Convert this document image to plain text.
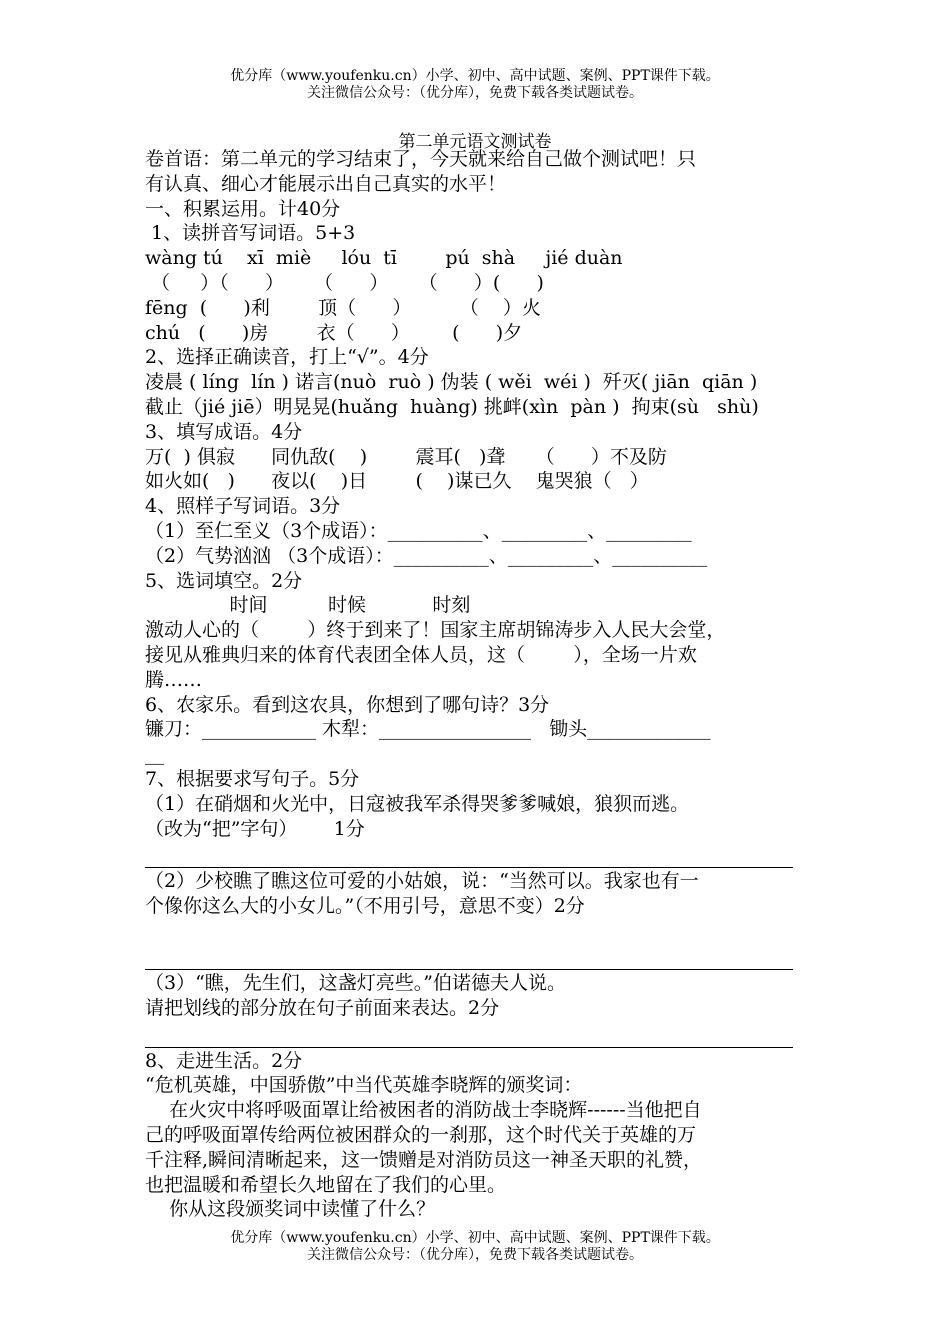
优分库（www.youfenku.cn）小学、初中、高中试题、案例、PPT课件下载。
关注微信公众号：（优分库），免费下载各类试题试卷。
第二单元语文测试卷
卷首语：第二单元的学习结束了，今天就来给自己做个测试吧！只
有认真、细心才能展示出自己真实的水平！
一、积累运用。计40分
1、读拼音写词语。5+3
wàng tú    xī  miè     lóu  tī        pú  shà     jié duàn
（     ）（      ）     （      ）     （      ）(      )
fēng  (      )利        顶（      ）        （    ）火
chú   (      )房        衣（      ）       (      )夕
2、选择正确读音，打上“√”。4分
凌晨 ( líng  lín ) 诺言(nuò  ruò ) 伪装 ( wěi  wéi )  歼灭( jiān  qiān )
截止（jié jiē）明晃晃(huǎng  huàng) 挑衅(xìn  pàn )  拘束(sù   shù)
3、填写成语。4分
万(  ) 俱寂      同仇敌(    )        震耳(   )聋     （      ）不及防
如火如(   )      夜以(    )日        (    )谋已久    鬼哭狼（   ）
4、照样子写词语。3分
（1）至仁至义（3个成语）：__________、_________、_________
（2）气势汹汹 （3个成语）：__________、_________、__________
5、选词填空。2分
时间          时候           时刻
激动人心的（        ）终于到来了！国家主席胡锦涛步入人民大会堂，
接见从雅典归来的体育代表团全体人员，这（        ），全场一片欢
腾……
6、农家乐。看到这农具，你想到了哪句诗？3分
镰刀：____________ 木犁：________________   锄头_____________
__
7、根据要求写句子。5分
（1）在硝烟和火光中，日寇被我军杀得哭爹爹喊娘，狼狈而逃。
（改为“把”字句）      1分
（2）少校瞧了瞧这位可爱的小姑娘，说：“当然可以。我家也有一
个像你这么大的小女儿。”（不用引号，意思不变）2分
（3）“瞧，先生们，这盏灯亮些。”伯诺德夫人说。
请把划线的部分放在句子前面来表达。2分
8、走进生活。2分
“危机英雄，中国骄傲”中当代英雄李晓辉的颁奖词：
在火灾中将呼吸面罩让给被困者的消防战士李晓辉------当他把自
己的呼吸面罩传给两位被困群众的一刹那，这个时代关于英雄的万
千注释,瞬间清晰起来，这一馈赠是对消防员这一神圣天职的礼赞，
也把温暖和希望长久地留在了我们的心里。
你从这段颁奖词中读懂了什么？
优分库（www.youfenku.cn）小学、初中、高中试题、案例、PPT课件下载。
关注微信公众号：（优分库），免费下载各类试题试卷。
